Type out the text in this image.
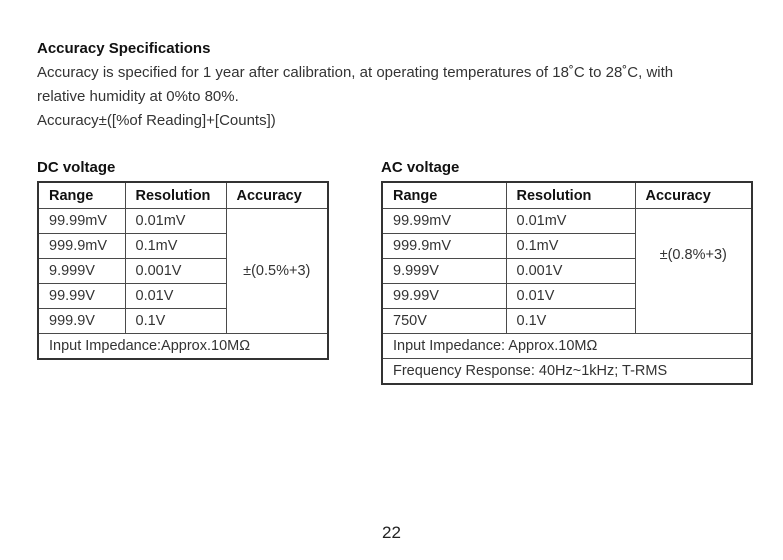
Accuracy Specifications
Accuracy is specified for 1 year after calibration, at operating temperatures of 18˚C to 28˚C, with
relative humidity at 0%to 80%.
Accuracy±([%of Reading]+[Counts])
DC voltage	AC voltage
Range	Resolution	Accuracy
99.99mV	0.01mV	±(0.5%+3)
999.9mV	0.1mV	
9.999V	0.001V	
99.99V	0.01V	
999.9V	0.1V	
Input Impedance:Approx.10MΩ		
Range	Resolution	Accuracy
99.99mV	0.01mV	±(0.8%+3)
999.9mV	0.1mV	
9.999V	0.001V	
99.99V	0.01V	
750V	0.1V	
Input Impedance: Approx.10MΩ		
Frequency Response: 40Hz~1kHz; T-RMS		
22
